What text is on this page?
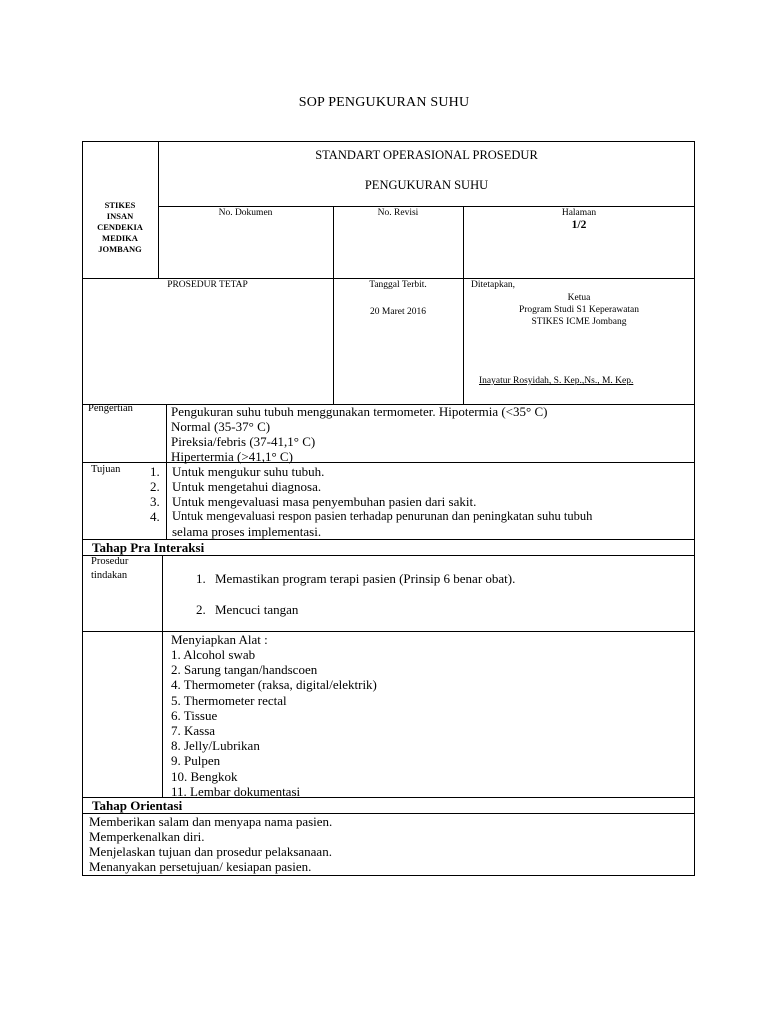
SOP PENGUKURAN SUHU
STIKES
INSAN
CENDEKIA
MEDIKA
JOMBANG
STANDART OPERASIONAL PROSEDUR
PENGUKURAN SUHU
No. Dokumen	No. Revisi	Halaman
1/2
PROSEDUR TETAP	Tanggal Terbit.
20 Maret 2016
Ditetapkan,
Ketua
Program Studi S1 Keperawatan
STIKES ICME Jombang
Inayatur Rosyidah, S. Kep.,Ns., M. Kep.
Pengertian	Pengukuran suhu tubuh menggunakan termometer. Hipotermia (<35° C)
Normal (35-37° C)
Pireksia/febris (37-41,1° C)
Hipertermia (>41,1° C)
Tujuan 1. Untuk mengukur suhu tubuh.
2. Untuk mengetahui diagnosa.
3. Untuk mengevaluasi masa penyembuhan pasien dari sakit.
4. Untuk mengevaluasi respon pasien terhadap penurunan dan peningkatan suhu tubuh
selama proses implementasi.
Tahap Pra Interaksi
Prosedur
tindakan	1. Memastikan program terapi pasien (Prinsip 6 benar obat).
2. Mencuci tangan
Menyiapkan Alat :
1. Alcohol swab
2. Sarung tangan/handscoen
4. Thermometer (raksa, digital/elektrik)
5. Thermometer rectal
6. Tissue
7. Kassa
8. Jelly/Lubrikan
9. Pulpen
10. Bengkok
11. Lembar dokumentasi
Tahap Orientasi
Memberikan salam dan menyapa nama pasien.
Memperkenalkan diri.
Menjelaskan tujuan dan prosedur pelaksanaan.
Menanyakan persetujuan/ kesiapan pasien.
